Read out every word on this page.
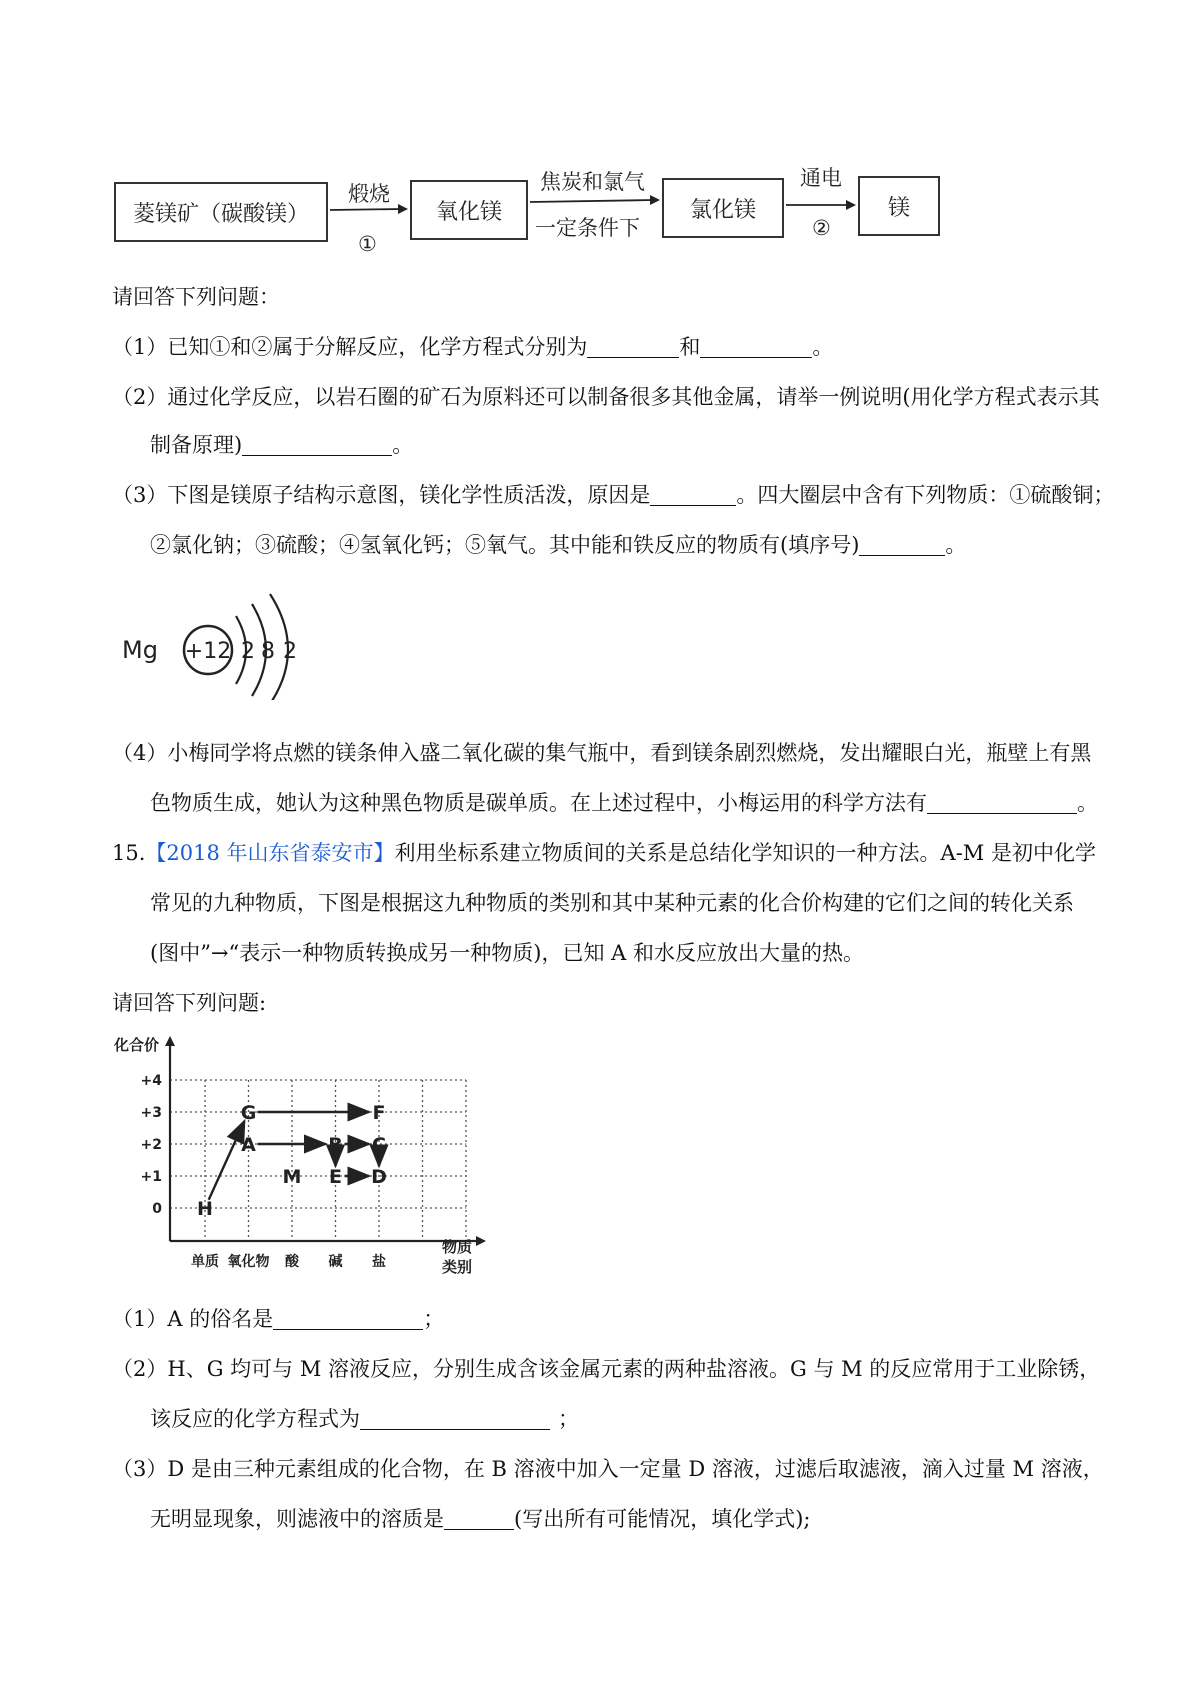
菱镁矿（碳酸镁）	氧化镁	氯化镁	镁
煅烧
①
焦炭和氯气
一定条件下
通电
②
请回答下列问题：
（1）已知①和②属于分解反应，化学方程式分别为	和	。
（2）通过化学反应，以岩石圈的矿石为原料还可以制备很多其他金属，请举一例说明(用化学方程式表示其
制备原理)	。
（3）下图是镁原子结构示意图，镁化学性质活泼，原因是	。四大圈层中含有下列物质：①硫酸铜；
②氯化钠；③硫酸；④氢氧化钙；⑤氧气。其中能和铁反应的物质有(填序号)	。
Mg +12 2 8 2
（4）小梅同学将点燃的镁条伸入盛二氧化碳的集气瓶中，看到镁条剧烈燃烧，发出耀眼白光，瓶壁上有黑
色物质生成，她认为这种黑色物质是碳单质。在上述过程中，小梅运用的科学方法有	。
15.【2018 年山东省泰安市】利用坐标系建立物质间的关系是总结化学知识的一种方法。A-M 是初中化学
常见的九种物质，下图是根据这九种物质的类别和其中某种元素的化合价构建的它们之间的转化关系
(图中”→“表示一种物质转换成另一种物质)，已知 A 和水反应放出大量的热。
请回答下列问题:
化合价
物质
类别
0
+1
+2
+3
+4
单质 氧化物 酸 碱 盐
H
G
A
M
B
E
F
C
D
（1）A 的俗名是	；
（2）H、G 均可与 M 溶液反应，分别生成含该金属元素的两种盐溶液。G 与 M 的反应常用于工业除锈，
该反应的化学方程式为	；
（3）D 是由三种元素组成的化合物，在 B 溶液中加入一定量 D 溶液，过滤后取滤液，滴入过量 M 溶液，
无明显现象，则滤液中的溶质是	(写出所有可能情况，填化学式);
